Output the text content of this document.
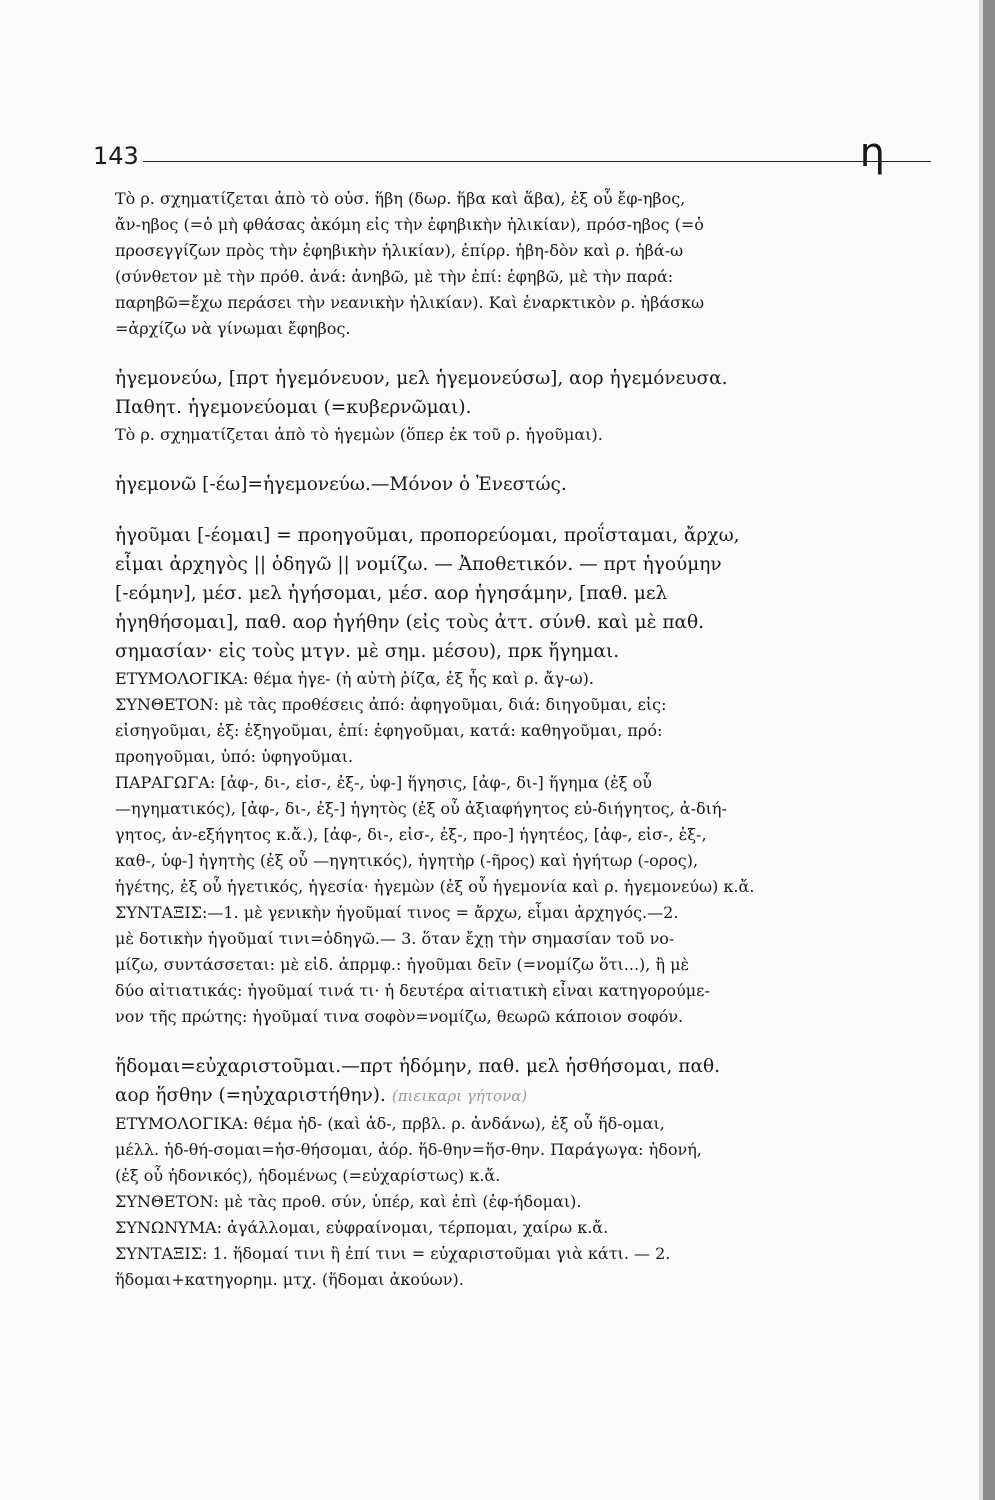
143	η

Τὸ ρ. σχηματίζεται ἀπὸ τὸ οὐσ. ἥβη (δωρ. ἥβα καὶ ἅβα), ἐξ οὗ ἔφ-ηβος,

ἄν-ηβος (=ὁ μὴ φθάσας ἀκόμη εἰς τὴν ἐφηβικὴν ἡλικίαν), πρόσ-ηβος (=ὁ

προσεγγίζων πρὸς τὴν ἐφηβικὴν ἡλικίαν), ἐπίρρ. ἡβη-δὸν καὶ ρ. ἡβά-ω

(σύνθετον μὲ τὴν πρόθ. ἀνά: ἀνηβῶ, μὲ τὴν ἐπί: ἐφηβῶ, μὲ τὴν παρά:

παρηβῶ=ἔχω περάσει τὴν νεανικὴν ἡλικίαν). Καὶ ἐναρκτικὸν ρ. ἡβάσκω

=ἀρχίζω νὰ γίνωμαι ἔφηβος.

ἡγεμονεύω, [πρτ ἡγεμόνευον, μελ ἡγεμονεύσω], αορ ἡγεμόνευσα.

Παθητ. ἡγεμονεύομαι (=κυβερνῶμαι).

Τὸ ρ. σχηματίζεται ἀπὸ τὸ ἡγεμὼν (ὅπερ ἐκ τοῦ ρ. ἡγοῦμαι).

ἡγεμονῶ [-έω]=ἡγεμονεύω.—Μόνον ὁ Ἐνεστώς.

ἡγοῦμαι [-έομαι] = προηγοῦμαι, προπορεύομαι, προΐσταμαι, ἄρχω,

εἶμαι ἀρχηγὸς || ὁδηγῶ || νομίζω. — Ἀποθετικόν. — πρτ ἡγούμην

[-εόμην], μέσ. μελ ἡγήσομαι, μέσ. αορ ἡγησάμην, [παθ. μελ

ἡγηθήσομαι], παθ. αορ ἡγήθην (εἰς τοὺς ἀττ. σύνθ. καὶ μὲ παθ.

σημασίαν· εἰς τοὺς μτγν. μὲ σημ. μέσου), πρκ ἥγημαι.

ΕΤΥΜΟΛΟΓΙΚΑ: θέμα ἡγε- (ἡ αὐτὴ ῥίζα, ἐξ ἧς καὶ ρ. ἄγ-ω).

ΣΥΝΘΕΤΟΝ: μὲ τὰς προθέσεις ἀπό: ἀφηγοῦμαι, διά: διηγοῦμαι, εἰς:

εἰσηγοῦμαι, ἐξ: ἐξηγοῦμαι, ἐπί: ἐφηγοῦμαι, κατά: καθηγοῦμαι, πρό:

προηγοῦμαι, ὑπό: ὑφηγοῦμαι.

ΠΑΡΑΓΩΓΑ: [ἀφ-, δι-, εἰσ-, ἐξ-, ὑφ-] ἥγησις, [ἀφ-, δι-] ἥγημα (ἐξ οὗ

—ηγηματικός), [ἀφ-, δι-, ἐξ-] ἡγητὸς (ἐξ οὗ ἀξιαφήγητος εὐ-διήγητος, ἀ-διή-

γητος, ἀν-εξήγητος κ.ἄ.), [ἀφ-, δι-, εἰσ-, ἐξ-, προ-] ἡγητέος, [ἀφ-, εἰσ-, ἐξ-,

καθ-, ὑφ-] ἡγητὴς (ἐξ οὗ —ηγητικός), ἡγητὴρ (-ῆρος) καὶ ἡγήτωρ (-ορος),

ἡγέτης, ἐξ οὗ ἡγετικός, ἡγεσία· ἡγεμὼν (ἐξ οὗ ἡγεμονία καὶ ρ. ἡγεμονεύω) κ.ἄ.

ΣΥΝΤΑΞΙΣ:—1. μὲ γενικὴν ἡγοῦμαί τινος = ἄρχω, εἶμαι ἀρχηγός.—2.

μὲ δοτικὴν ἡγοῦμαί τινι=ὁδηγῶ.— 3. ὅταν ἔχῃ τὴν σημασίαν τοῦ νο-

μίζω, συντάσσεται: μὲ εἰδ. ἀπρμφ.: ἡγοῦμαι δεῖν (=νομίζω ὅτι...), ἢ μὲ

δύο αἰτιατικάς: ἡγοῦμαί τινά τι· ἡ δευτέρα αἰτιατικὴ εἶναι κατηγορούμε-

νον τῆς πρώτης: ἡγοῦμαί τινα σοφὸν=νομίζω, θεωρῶ κάποιον σοφόν.

ἥδομαι=εὐχαριστοῦμαι.—πρτ ἡδόμην, παθ. μελ ἡσθήσομαι, παθ.

αορ ἥσθην (=ηὐχαριστήθην). (πιεικαρι γήτονα)

ΕΤΥΜΟΛΟΓΙΚΑ: θέμα ἡδ- (καὶ ἁδ-, πρβλ. ρ. ἁνδάνω), ἐξ οὗ ἥδ-ομαι,

μέλλ. ἡδ-θή-σομαι=ἡσ-θήσομαι, ἀόρ. ἥδ-θην=ἥσ-θην. Παράγωγα: ἡδονή,

(ἐξ οὗ ἡδονικός), ἡδομένως (=εὐχαρίστως) κ.ἄ.

ΣΥΝΘΕΤΟΝ: μὲ τὰς προθ. σύν, ὑπέρ, καὶ ἐπὶ (ἐφ-ήδομαι).

ΣΥΝΩΝΥΜΑ: ἀγάλλομαι, εὐφραίνομαι, τέρπομαι, χαίρω κ.ἄ.

ΣΥΝΤΑΞΙΣ: 1. ἥδομαί τινι ἢ ἐπί τινι = εὐχαριστοῦμαι γιὰ κάτι. — 2.

ἥδομαι+κατηγορημ. μτχ. (ἥδομαι ἀκούων).
